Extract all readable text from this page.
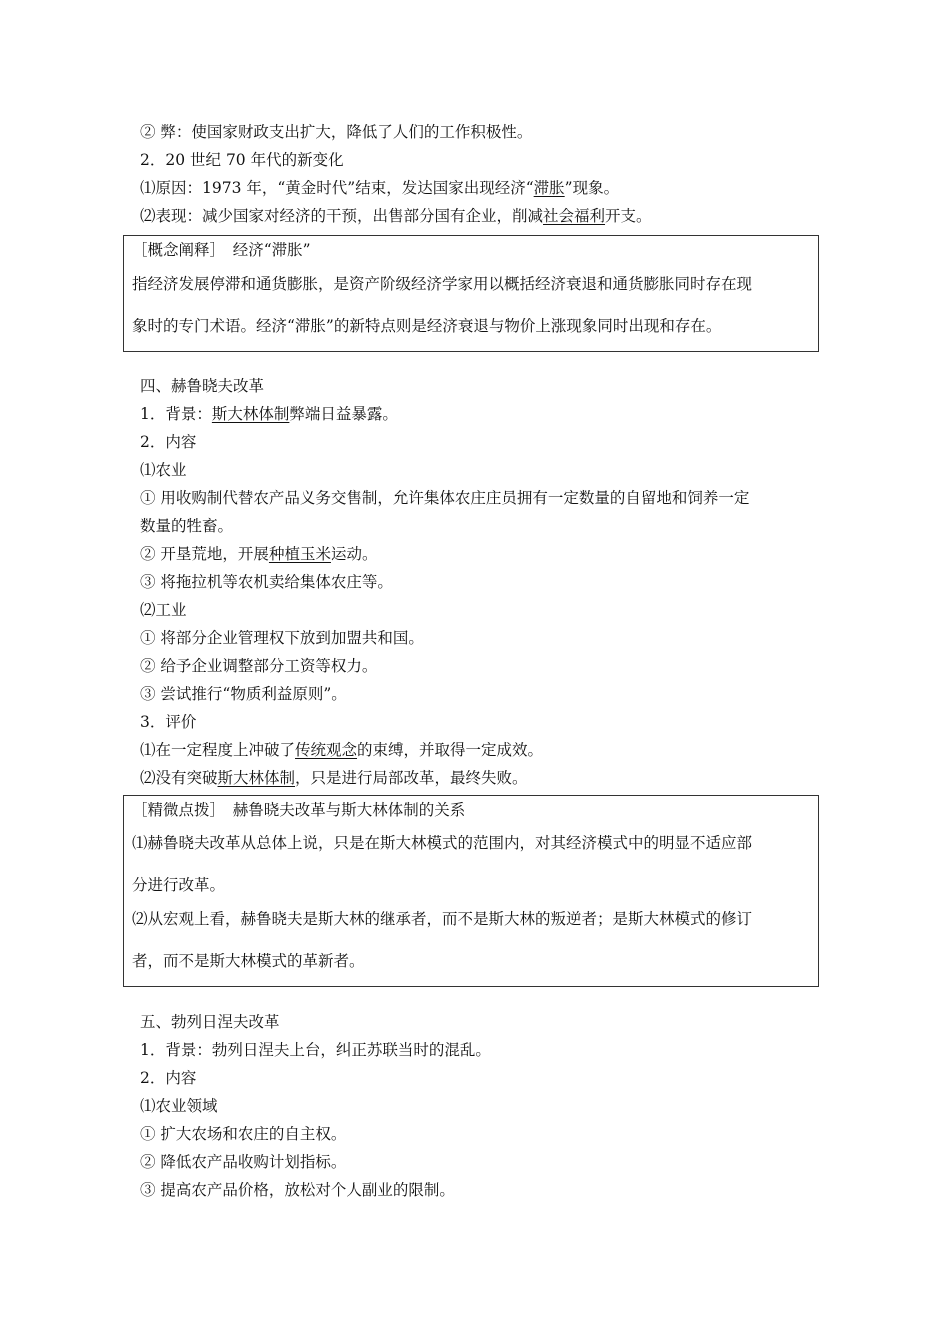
② 弊：使国家财政支出扩大，降低了人们的工作积极性。
2．20 世纪 70 年代的新变化
⑴原因：1973 年，“黄金时代”结束，发达国家出现经济“滞胀”现象。
⑵表现：减少国家对经济的干预，出售部分国有企业，削减社会福利开支。
［概念阐释］　经济“滞胀”
指经济发展停滞和通货膨胀，是资产阶级经济学家用以概括经济衰退和通货膨胀同时存在现
象时的专门术语。经济“滞胀”的新特点则是经济衰退与物价上涨现象同时出现和存在。
四、赫鲁晓夫改革
1．背景：斯大林体制弊端日益暴露。
2．内容
⑴农业
① 用收购制代替农产品义务交售制，允许集体农庄庄员拥有一定数量的自留地和饲养一定
数量的牲畜。
② 开垦荒地，开展种植玉米运动。
③ 将拖拉机等农机卖给集体农庄等。
⑵工业
① 将部分企业管理权下放到加盟共和国。
② 给予企业调整部分工资等权力。
③ 尝试推行“物质利益原则”。
3．评价
⑴在一定程度上冲破了传统观念的束缚，并取得一定成效。
⑵没有突破斯大林体制，只是进行局部改革，最终失败。
［精微点拨］　赫鲁晓夫改革与斯大林体制的关系
⑴赫鲁晓夫改革从总体上说，只是在斯大林模式的范围内，对其经济模式中的明显不适应部
分进行改革。
⑵从宏观上看，赫鲁晓夫是斯大林的继承者，而不是斯大林的叛逆者；是斯大林模式的修订
者，而不是斯大林模式的革新者。
五、勃列日涅夫改革
1．背景：勃列日涅夫上台，纠正苏联当时的混乱。
2．内容
⑴农业领域
① 扩大农场和农庄的自主权。
② 降低农产品收购计划指标。
③ 提高农产品价格，放松对个人副业的限制。
